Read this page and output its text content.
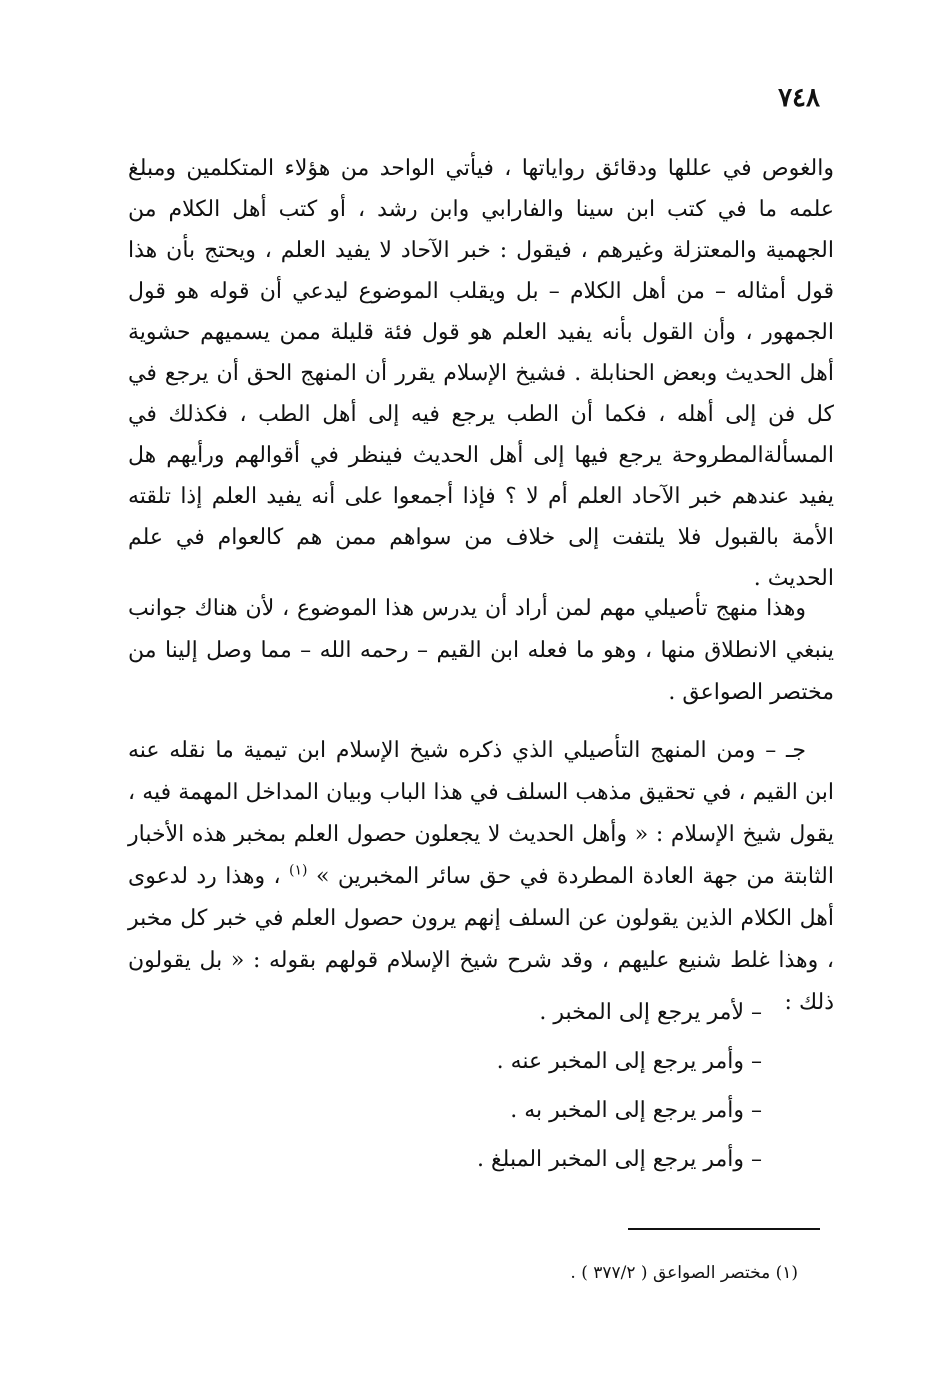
٧٤٨

والغوص في عللها ودقائق رواياتها ، فيأتي الواحد من هؤلاء المتكلمين ومبلغ علمه ما في كتب ابن سينا والفارابي وابن رشد ، أو كتب أهل الكلام من الجهمية والمعتزلة وغيرهم ، فيقول : خبر الآحاد لا يفيد العلم ، ويحتج بأن هذا قول أمثاله – من أهل الكلام – بل ويقلب الموضوع ليدعي أن قوله هو قول الجمهور ، وأن القول بأنه يفيد العلم هو قول فئة قليلة ممن يسميهم حشوية أهل الحديث وبعض الحنابلة . فشيخ الإسلام يقرر أن المنهج الحق أن يرجع في كل فن إلى أهله ، فكما أن الطب يرجع فيه إلى أهل الطب ، فكذلك في المسألةالمطروحة يرجع فيها إلى أهل الحديث فينظر في أقوالهم ورأيهم هل يفيد عندهم خبر الآحاد العلم أم لا ؟ فإذا أجمعوا على أنه يفيد العلم إذا تلقته الأمة بالقبول فلا يلتفت إلى خلاف من سواهم ممن هم كالعوام في علم الحديث .

وهذا منهج تأصيلي مهم لمن أراد أن يدرس هذا الموضوع ، لأن هناك جوانب ينبغي الانطلاق منها ، وهو ما فعله ابن القيم – رحمه الله – مما وصل إلينا من مختصر الصواعق .

جـ – ومن المنهج التأصيلي الذي ذكره شيخ الإسلام ابن تيمية ما نقله عنه ابن القيم ، في تحقيق مذهب السلف في هذا الباب وبيان المداخل المهمة فيه ، يقول شيخ الإسلام : « وأهل الحديث لا يجعلون حصول العلم بمخبر هذه الأخبار الثابتة من جهة العادة المطردة في حق سائر المخبرين » $^{(١)}$ ، وهذا رد لدعوى أهل الكلام الذين يقولون عن السلف إنهم يرون حصول العلم في خبر كل مخبر ، وهذا غلط شنيع عليهم ، وقد شرح شيخ الإسلام قولهم بقوله : « بل يقولون ذلك :

– لأمر يرجع إلى المخبر .
– وأمر يرجع إلى المخبر عنه .
– وأمر يرجع إلى المخبر به .
– وأمر يرجع إلى المخبر المبلغ .
(١) مختصر الصواعق ( ٣٧٧/٢ ) .
